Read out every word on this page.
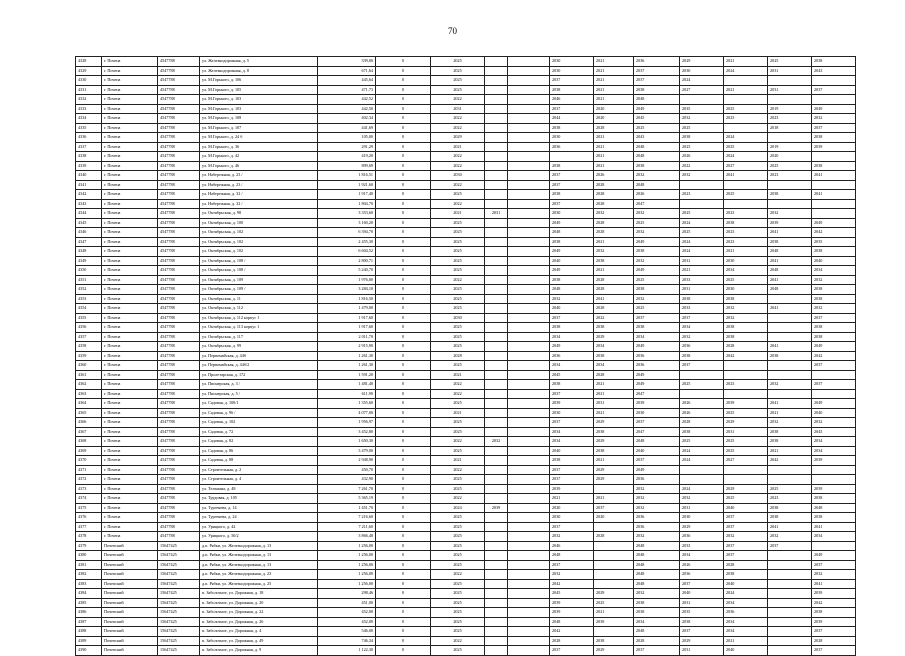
70
4328	г. Почепа	4547788	ул. Железнодорожная, д. 5	339,00	0	2025			2030	2021	2036	2029	2021	2025	2038
4329	г. Почепа	4547788	ул. Железнодорожная, д. 8	671,64	0	2025			2030	2021	2037	2030	2024	2031	2043
4330	г. Почепа	4547788	ул. М.Горького, д. 106	445,64	0	2025			2037	2021	2037	2024			
4331	г. Почепа	4547788	ул. М.Горького, д. 105	471,73	0	2025			2038	2021	2038	2027	2021	2031	2037
4332	г. Почепа	4547788	ул. М.Горького, д. 103	442,52	0	2022			2046	2021	2048				
4333	г. Почепа	4547788	ул. М.Горького, д. 103	442,50	0	2031			2037	2020	2049	2035	2025	2019	2049
4334	г. Почепа	4547788	ул. М.Горького, д. 108	402,34	0	2022			2044	2020	2045	2032	2023	2023	2032
4335	г. Почепа	4547788	ул. М.Горького, д. 107	441,69	0	2022			2038	2028	2025	2025		2018	2037
4336	г. Почепа	4547788	ул. М.Горького, д. 24 б	105,00	0	2029			2030	2021	2043	2038	2024		2038
4337	г. Почепа	4547788	ул. М.Горького, д. 36	291,29	0	2021			2036	2021	2048	2025	2025	2019	2039
4338	г. Почепа	4547788	ул. М.Горького, д. 42	419,20	0	2022				2021	2048	2026	2024	2020	
4339	г. Почепа	4547788	ул. М.Горького, д. 46	899,69	0	2022			2038	2021	2038	2022	2027	2025	2038
4340	г. Почепа	4547788	ул. Набережная, д. 23 /	1 816,51	0	2030			2037	2026	2032	2032	2041	2023	2041
4341	г. Почепа	4547788	ул. Набережная, д. 23 /	1 921,60	0	2022			2037	2028	2048				
4342	г. Почепа	4547788	ул. Набережная, д. 32 /	1 917,40	0	2025			2038	2028	2026	2023	2025	2038	2041
4343	г. Почепа	4547788	ул. Набережная, д. 32 /	1 804,70	0	2022			2037	2028	2047				
4344	г. Почепа	4547788	ул. Октябрьская, д. 98	3 353,60	0	2021	2031		2030	2032	2032	2025	2023	2032	
4345	г. Почепа	4547788	ул. Октябрьская, д. 100	3 160,20	0	2025			2049	2028	2025	2024	2038	2039	2049
4346	г. Почепа	4547788	ул. Октябрьская, д. 102	6 394,70	0	2025			2048	2028	2032	2025	2023	2041	2042
4347	г. Почепа	4547788	ул. Октябрьская, д. 102	2 455,30	0	2025			2038	2021	2049	2024	2023	2038	2035
4348	г. Почепа	4547788	ул. Октябрьская, д. 102	6 604,52	0	2025			2049	2032	2038	2024	2021	2048	2038
4349	г. Почепа	4547788	ул. Октябрьская, д. 108 /	2 800,71	0	2025			2040	2038	2032	2031	2030	2041	2040
4350	г. Почепа	4547788	ул. Октябрьская, д. 108 /	5 240,70	0	2025			2049	2021	2049	2021	2034	2048	2034
4351	г. Почепа	4547788	ул. Октябрьская, д. 109	1 976,00	0	2022			2038	2028	2025	2033	2025	2041	2032
4352	г. Почепа	4547788	ул. Октябрьская, д. 109 /	3 284,10	0	2025			2048	2028	2038	2031	2030	2048	2038
4353	г. Почепа	4547788	ул. Октябрьская, д. 11	1 816,50	0	2025			2032	2041	2032	2038	2038		2038
4354	г. Почепа	4547788	ул. Октябрьская, д. 112	1 479,00	0	2025			2040	2028	2025	2033	2032	2041	2032
4355	г. Почепа	4547788	ул. Октябрьская, д. 112 корпус 1	1 917,60	0	2030			2037	2022	2037	2037	2032		2037
4356	г. Почепа	4547788	ул. Октябрьская, д. 113 корпус 1	1 917,60	0	2025			2038	2038	2038	2034	2038		2038
4357	г. Почепа	4547788	ул. Октябрьская, д. 117	2 011,70	0	2025			2034	2029	2034	2032	2038		2038
4358	г. Почепа	4547788	ул. Октябрьская, д. 99	2 915,90	0	2025			2049	2034	2049	2036	2028	2041	2049
4359	г. Почепа	4547788	ул. Первомайская, д. 44б	1 261,30	0	2028			2036	2038	2036	2038	2042	2038	2042
4360	г. Почепа	4547788	ул. Первомайская, д. 44б/2	1 261,30	0	2025			2034	2034	2036	2037			2037
4361	г. Почепа	4547788	ул. Пролетарская, д. 172	1 591,20	0	2021			2045	2028	2049				
4362	г. Почепа	4547788	ул. Пионерская, д. 3 /	1 481,40	0	2022			2038	2021	2049	2025	2023	2032	2037
4363	г. Почепа	4547788	ул. Пионерская, д. 5 /	611,90	0	2022			2037	2021	2047				
4364	г. Почепа	4547788	ул. Садовая, д. 100/1	1 355,60	0	2025			2039	2031	2039	2026	2039	2041	2049
4365	г. Почепа	4547788	ул. Садовая, д. 96 /	4 077,00	0	2021			2030	2021	2030	2026	2025	2021	2040
4366	г. Почепа	4547788	ул. Садовая, д. 102	1 956,97	0	2025			2037	2029	2037	2028	2029	2032	2032
4367	г. Почепа	4547788	ул. Садовая, д. 72	3 452,80	0	2025			2034	2038	2047	2038	2031	2038	2043
4368	г. Почепа	4547788	ул. Садовая, д. 82	1 650,30	0	2022	2032		2034	2029	2048	2025	2025	2038	2034
4369	г. Почепа	4547788	ул. Садовая, д. 86	3 479,00	0	2025			2040	2038	2040	2024	2025	2021	2034
4370	г. Почепа	4547788	ул. Садовая, д. 88	2 948,90	0	2021			2038	2021	2037	2024	2027	2042	2039
4371	г. Почепа	4547788	ул. Строительная, д. 2	450,70	0	2022			2037	2029	2049				
4372	г. Почепа	4547788	ул. Строительная, д. 4	432,90	0	2025			2037	2029	2036				
4373	г. Почепа	4547788	ул. Тельмана, д. 48	7 261,70	0	2025			2039		2032	2024	2029	2025	2039
4374	г. Почепа	4547788	ул. Трудовая, д. 105	5 365,19	0	2022			2021	2021	2032	2032	2025	2023	2038
4375	г. Почепа	4547788	ул. Тургенева, д. 14	1 451,70	0	2024	2039		2020	2037	2032	2031	2040	2038	2048
4376	г. Почепа	4547788	ул. Тургенева, д. 24	7 216,60	0	2025			2030	2020	2036	2030	2037	2038	2038
4377	г. Почепа	4547788	ул. Урицкого, д. 42	7 211,60	0	2025			2037		2036	2029	2037	2041	2041
4378	г. Почепа	4547788	ул. Урицкого, д. 50/2	3 866,48	0	2025			2032	2028	2032	2036	2032	2032	2034
4379	Почепский	15647425	д.п. Рябки, ул. Железнодорожная, д. 13	1 256,00	0	2025			2046		2048	2033	2037	2037	
4380	Почепский	15647425	д.п. Рябки, ул. Железнодорожная, д. 13	1 256,00	0	2025			2048		2048	2034	2037		2049
4381	Почепский	15647425	д.п. Рябки, ул. Железнодорожная, д. 13	1 256,00	0	2025			2037		2048	2026	2028		2037
4382	Почепский	15647425	д.п. Рябки, ул. Железнодорожная, д. 23	1 256,00	0	2022			2032		2048	2036	2038		2032
4383	Почепский	15647425	д.п. Рябки, ул. Железнодорожная, д. 25	1 256,00	0	2025			2042		2048	2037	2040		2041
4384	Почепский	15647425	п. Заболотное, ул. Дорожная, д. 18	298,46	0	2025			2045	2029	2032	2040	2024		2039
4385	Почепский	15647425	п. Заболотное, ул. Дорожная, д. 20	451,00	0	2025			2039	2025	2038	2031	2034		2042
4386	Почепский	15647425	п. Заболотное, ул. Дорожная, д. 22	452,00	0	2025			2039	2021	2038	2035	2036		2038
4387	Почепский	15647425	п. Заболотное, ул. Дорожная, д. 26	452,00	0	2025			2048	2039	2034	2038	2034		2039
4388	Почепский	15647425	п. Заболотное, ул. Дорожная, д. 4	546,00	0	2025			2042		2048	2037	2034		2037
4389	Почепский	15647425	п. Заболотное, ул. Дорожная, д. 49	746,34	0	2022			2028	2038	2028	2029	2021		2028
4390	Почепский	15647425	п. Заболотное, ул. Дорожная, д. 9	1 122,30	0	2025			2037	2029	2037	2031	2040		2037
